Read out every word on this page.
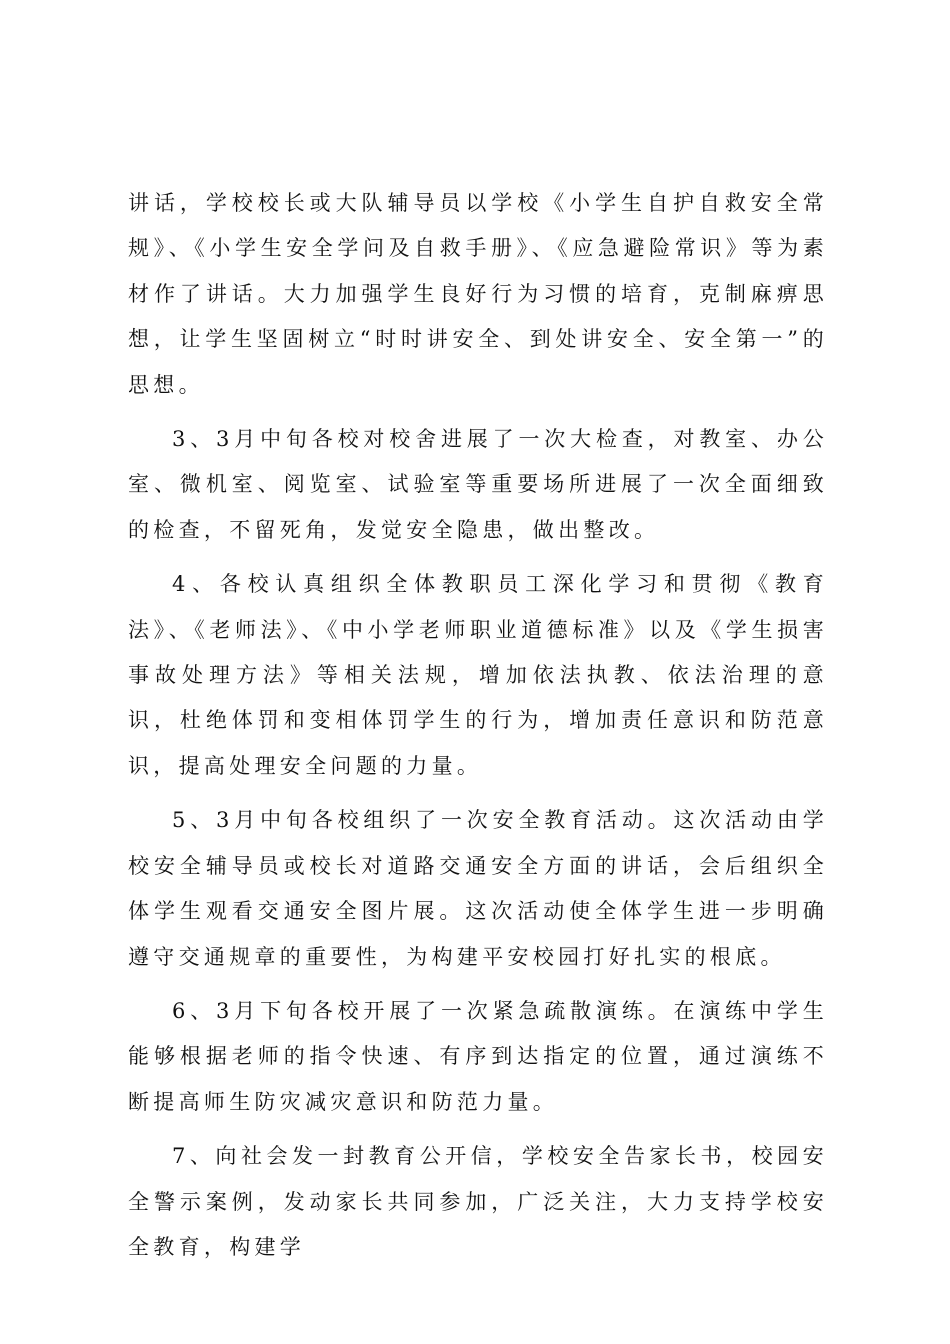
讲话，学校校长或大队辅导员以学校《小学生自护自救安全常规》、《小学生安全学问及自救手册》、《应急避险常识》等为素材作了讲话。大力加强学生良好行为习惯的培育，克制麻痹思想，让学生坚固树立“时时讲安全、到处讲安全、安全第一”的思想。

3、3月中旬各校对校舍进展了一次大检查，对教室、办公室、微机室、阅览室、试验室等重要场所进展了一次全面细致的检查，不留死角，发觉安全隐患，做出整改。

4、各校认真组织全体教职员工深化学习和贯彻《教育法》、《老师法》、《中小学老师职业道德标准》以及《学生损害事故处理方法》等相关法规，增加依法执教、依法治理的意识，杜绝体罚和变相体罚学生的行为，增加责任意识和防范意识，提高处理安全问题的力量。

5、3月中旬各校组织了一次安全教育活动。这次活动由学校安全辅导员或校长对道路交通安全方面的讲话，会后组织全体学生观看交通安全图片展。这次活动使全体学生进一步明确遵守交通规章的重要性，为构建平安校园打好扎实的根底。

6、3月下旬各校开展了一次紧急疏散演练。在演练中学生能够根据老师的指令快速、有序到达指定的位置，通过演练不断提高师生防灾减灾意识和防范力量。

7、向社会发一封教育公开信，学校安全告家长书，校园安全警示案例，发动家长共同参加，广泛关注，大力支持学校安全教育，构建学
